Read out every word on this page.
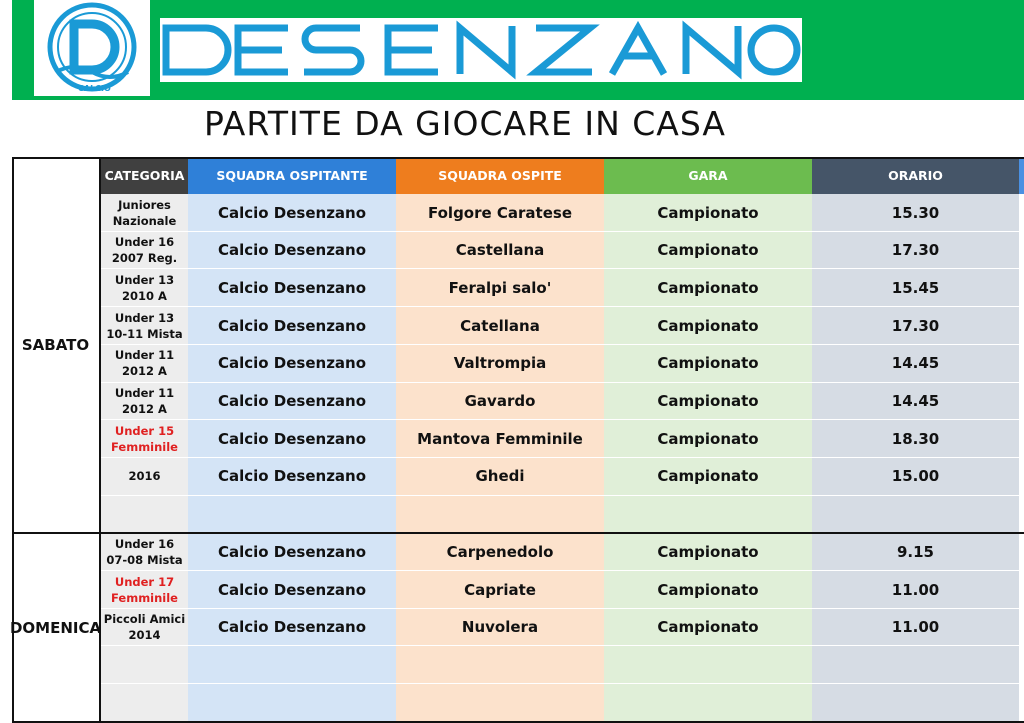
CALCIO
PARTITE DA GIOCARE IN CASA
CATEGORIA	SQUADRA OSPITANTE	SQUADRA OSPITE	GARA	ORARIO
Juniores
Nazionale	Calcio Desenzano	Folgore Caratese	Campionato	15.30
Under 16
2007 Reg.	Calcio Desenzano	Castellana	Campionato	17.30
Under 13
2010 A	Calcio Desenzano	Feralpi salo'	Campionato	15.45
Under 13
10-11 Mista	Calcio Desenzano	Catellana	Campionato	17.30
Under 11
2012 A	Calcio Desenzano	Valtrompia	Campionato	14.45
Under 11
2012 A	Calcio Desenzano	Gavardo	Campionato	14.45
Under 15
Femminile	Calcio Desenzano	Mantova Femminile	Campionato	18.30
2016	Calcio Desenzano	Ghedi	Campionato	15.00
SABATO
Under 16
07-08 Mista	Calcio Desenzano	Carpenedolo	Campionato	9.15
Under 17
Femminile	Calcio Desenzano	Capriate	Campionato	11.00
Piccoli Amici
2014	Calcio Desenzano	Nuvolera	Campionato	11.00
DOMENICA
